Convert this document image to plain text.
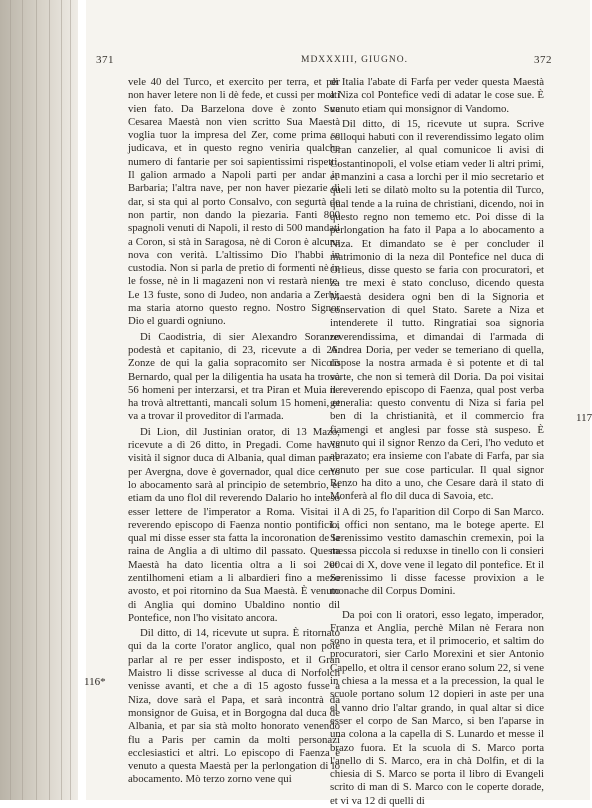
371	MDXXXIII, GIUGNO.	372

vele 40 del Turco, et exercito per terra, et per non haver letere non li dè fede, et cussi per molti vien fato. Da Barzelona dove è zonto Sua Cesarea Maestà non vien scritto Sua Maestà voglia tuor la impresa del Zer, come prima se judicava, et in questo regno veniria qualche numero di fantarie per soi sapientissimi rispetti. Il galion armado a Napoli parti per andar in Barbaria; l'altra nave, per non haver piezarie di dar, si sta qui al porto Consalvo, con segurtà de non partir, non dando la piezaria. Fanti 800 spagnoli venuti di Napoli, il resto di 500 mandati a Coron, si stà in Saragosa, nè di Coron è alcuna nova con verità. L'altissimo Dio l'habbi in custodia. Non si parla de pretio di formenti nè in le fosse, nè in li magazeni non vi restarà niente. Le 13 fuste, sono di Judeo, non andaria a Zerbi, ma staria atorno questo regno. Nostro Signor Dio el guardi ogniuno.

Di Caodistria, di sier Alexandro Soranzo podestà et capitanio, di 23, ricevute a dì 26. Zonze de qui la galia sopracomito ser Nicolò Bernardo, qual per la diligentia ha usata ha trovà 56 homeni per interzarsi, et tra Piran et Muia ne ha trovà altrettanti, mancali solum 15 homeni, et va a trovar il proveditor di l'armada.

Di Lion, dil Justinian orator, di 13 Mazo, ricevute a dì 26 ditto, in Pregadi. Come havia visità il signor duca di Albania, qual diman parte per Avergna, dove è governador, qual dice certo lo abocamento sarà al principio de setembrio, et etiam da uno flol dil reverendo Dalario ho inteso esser lettere de l'imperator a Roma. Visitai il reverendo episcopo di Faenza nontio pontificio, qual mi disse esser sta fatta la incoronation de la raina de Anglia a dì ultimo dil passato. Questa Maestà ha dato licentia oltra a li soi 200 zentilhomeni etiam a li albardieri fino a mezo avosto, et poi ritornino da Sua Maestà. È venuto di Anglia qui domino Ubaldino nontio dil Pontefice, non l'ho visitato ancora.

Dil ditto, di 14, ricevute ut supra. È ritornato qui da la corte l'orator anglico, qual non potè parlar al re per esser indisposto, et il Gran Maistro li disse scrivesse al duca di Norfolch venisse avanti, et che a dì 15 agosto fusse a Niza, dove sarà el Papa, et sarà incontrà da monsignor de Guisa, et in Borgogna dal duca de Albania, et par sia stà molto honorato venendo flu a Paris per camin da molti personazi ecclesiastici et altri. Lo episcopo di Faenza è venuto a questa Maestà per la perlongation di lo abocamento. Mò terzo zorno vene qui

di Italia l'abate di Farfa per veder questa Maestà a Niza col Pontefice vedi di adatar le cose sue. È venuto etiam qui monsignor di Vandomo.

Dil ditto, di 15, ricevute ut supra. Scrive colloqui habuti con il reverendissimo legato olim Gran canzelier, al qual comunicoe li avisi di Costantinopoli, el volse etiam veder li altri primi, et manzini a casa a lorchi per il mio secretario et queli leti se dilatò molto su la potentia dil Turco, qual tende a la ruina de christiani, dicendo, noi in questo regno non tememo etc. Poi disse di la perlongation ha fato il Papa a lo abocamento a Niza. Et dimandato se è per concluder il matrimonio di la neza dil Pontefice nel duca di Orlieus, disse questo se faria con procuratori, et za tre mexi è stato concluso, dicendo questa Maestà desidera ogni ben di la Signoria et conservation di quel Stato. Sarete a Niza et intenderete il tutto. Ringratiai soa signoria reverendissima, et dimandai di l'armada di Andrea Doria, per veder se temeriano di quella, rispose la nostra armada è sì potente et di tal sorte, che non si temerà dil Doria. Da poi visitai il reverendo episcopo di Faenza, qual post verba generalia: questo conventu di Niza si faria pel ben di la christianità, et il commercio fra fiamengi et anglesi par fosse stà suspeso. È venuto qui il signor Renzo da Ceri, l'ho veduto et abrazato; era insieme con l'abate di Farfa, par sia venuto per sue cose particular. Il qual signor Renzo ha dito a uno, che Cesare darà il stato di Monferà al flo dil duca di Savoia, etc.

A dì 25, fo l'aparition dil Corpo di San Marco. Li offici non sentano, ma le botege aperte. El Serenissimo vestito damaschin cremexin, poi la messa piccola si reduxse in tinello con li consieri et cai di X, dove vene il legato dil pontefice. Et il Serenissimo li disse facesse provixion a le monache dil Corpus Domini.

Da poi con li oratori, esso legato, imperador, Franza et Anglia, perchè Milan nè Ferara non sono in questa tera, et il primocerio, et saltim do procuratori, sier Carlo Morexini et sier Antonio Capello, et oltra il censor erano solum 22, si vene in chiesa a la messa et a la precession, la qual le scuole portano solum 12 dopieri in aste per una el vanno drio l'altar grando, in qual altar si dice esser el corpo de San Marco, si ben l'aparse in una colona a la capella di S. Lunardo et messe il brazo fuora. Et la scuola di S. Marco porta l'anello di S. Marco, era in chà Dolfin, et di la chiesia di S. Marco se porta il libro di Evangeli scrito di man di S. Marco con le coperte dorade, et vi va 12 di quelli di

116*
117
